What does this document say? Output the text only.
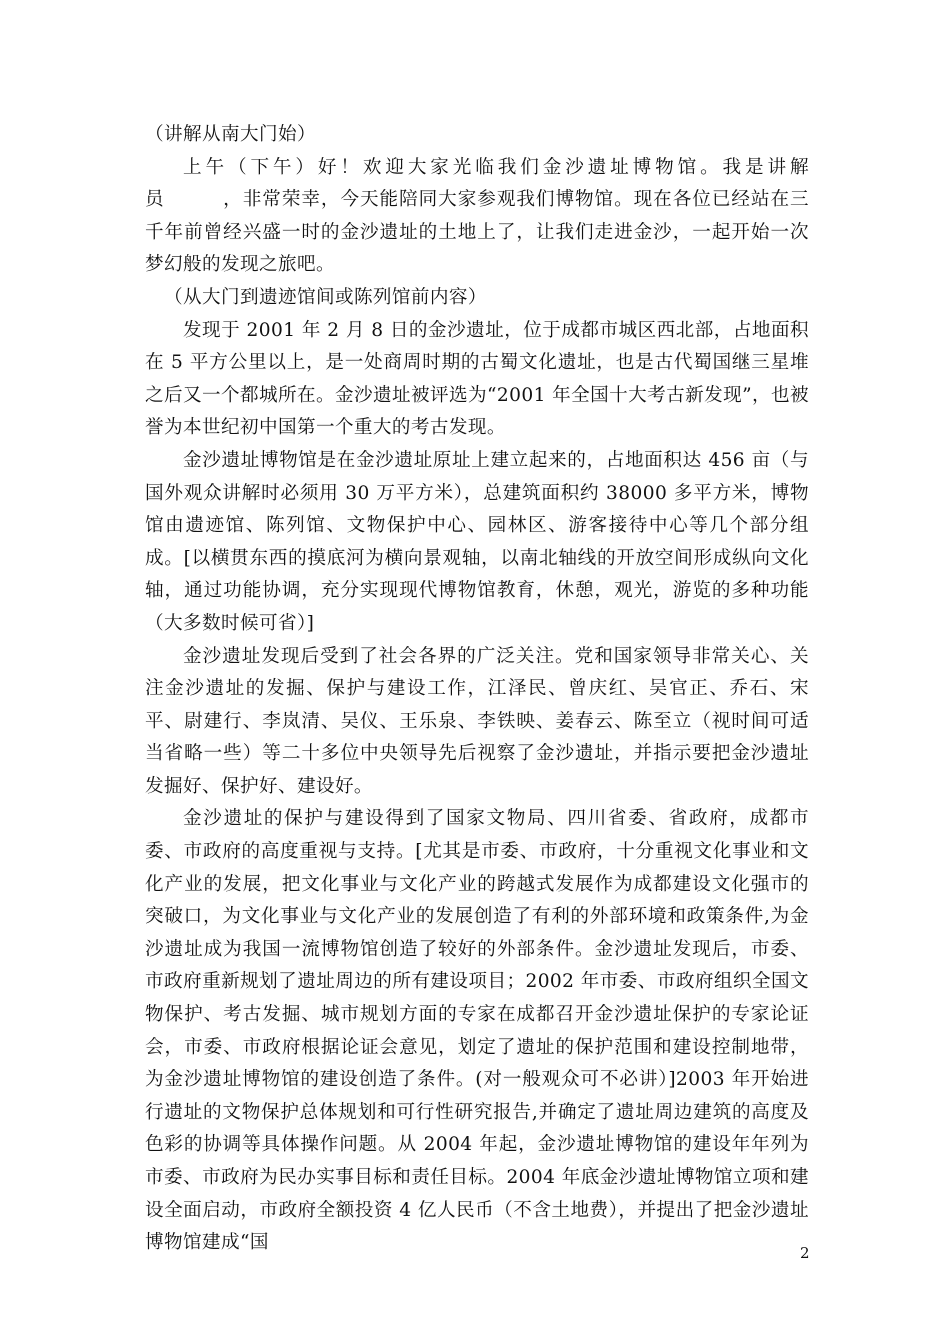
（讲解从南大门始）

上午（下午）好！欢迎大家光临我们金沙遗址博物馆。我是讲解员　　　，非常荣幸，今天能陪同大家参观我们博物馆。现在各位已经站在三千年前曾经兴盛一时的金沙遗址的土地上了，让我们走进金沙，一起开始一次梦幻般的发现之旅吧。

（从大门到遗迹馆间或陈列馆前内容）

发现于 2001 年 2 月 8 日的金沙遗址，位于成都市城区西北部，占地面积在 5 平方公里以上，是一处商周时期的古蜀文化遗址，也是古代蜀国继三星堆之后又一个都城所在。金沙遗址被评选为“2001 年全国十大考古新发现”，也被誉为本世纪初中国第一个重大的考古发现。

金沙遗址博物馆是在金沙遗址原址上建立起来的，占地面积达 456 亩（与国外观众讲解时必须用 30 万平方米），总建筑面积约 38000 多平方米，博物馆由遗迹馆、陈列馆、文物保护中心、园林区、游客接待中心等几个部分组成。[以横贯东西的摸底河为横向景观轴，以南北轴线的开放空间形成纵向文化轴，通过功能协调，充分实现现代博物馆教育，休憩，观光，游览的多种功能（大多数时候可省）]

金沙遗址发现后受到了社会各界的广泛关注。党和国家领导非常关心、关注金沙遗址的发掘、保护与建设工作，江泽民、曾庆红、吴官正、乔石、宋平、尉建行、李岚清、吴仪、王乐泉、李铁映、姜春云、陈至立（视时间可适当省略一些）等二十多位中央领导先后视察了金沙遗址，并指示要把金沙遗址发掘好、保护好、建设好。

金沙遗址的保护与建设得到了国家文物局、四川省委、省政府，成都市委、市政府的高度重视与支持。[尤其是市委、市政府，十分重视文化事业和文化产业的发展，把文化事业与文化产业的跨越式发展作为成都建设文化强市的突破口，为文化事业与文化产业的发展创造了有利的外部环境和政策条件,为金沙遗址成为我国一流博物馆创造了较好的外部条件。金沙遗址发现后，市委、市政府重新规划了遗址周边的所有建设项目；2002 年市委、市政府组织全国文物保护、考古发掘、城市规划方面的专家在成都召开金沙遗址保护的专家论证会，市委、市政府根据论证会意见，划定了遗址的保护范围和建设控制地带，为金沙遗址博物馆的建设创造了条件。(对一般观众可不必讲）]2003 年开始进行遗址的文物保护总体规划和可行性研究报告,并确定了遗址周边建筑的高度及色彩的协调等具体操作问题。从 2004 年起，金沙遗址博物馆的建设年年列为市委、市政府为民办实事目标和责任目标。2004 年底金沙遗址博物馆立项和建设全面启动，市政府全额投资 4 亿人民币（不含土地费），并提出了把金沙遗址博物馆建成“国	2
